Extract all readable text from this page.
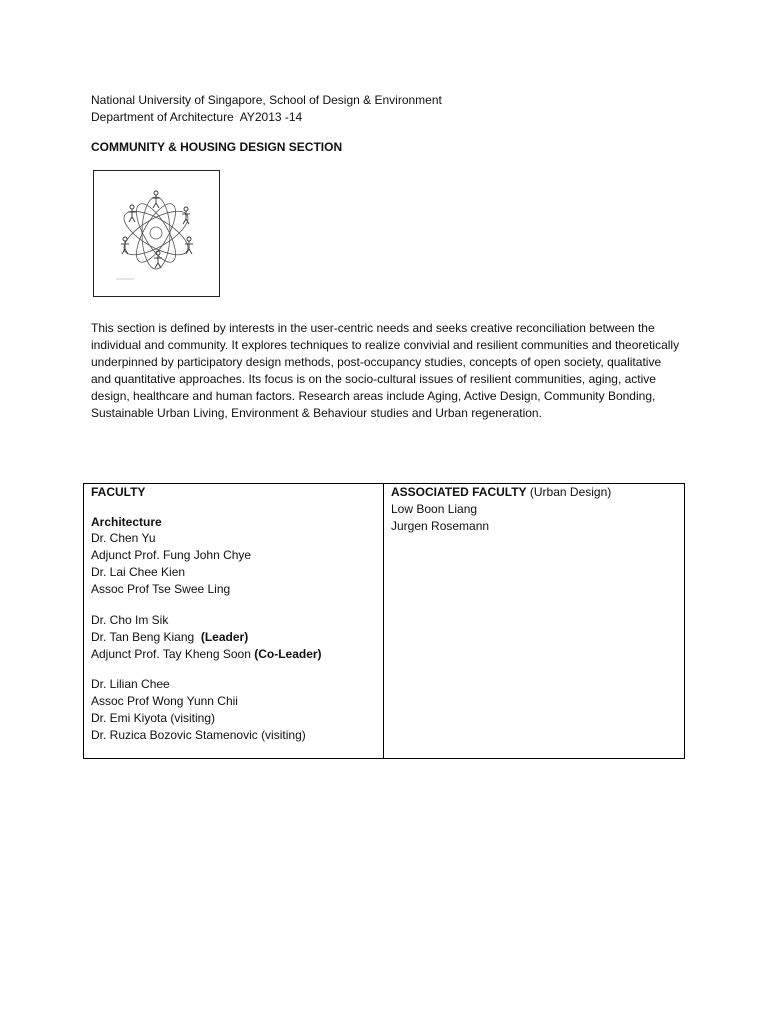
National University of Singapore, School of Design & Environment
Department of Architecture  AY2013 -14
COMMUNITY & HOUSING DESIGN SECTION
This section is defined by interests in the user-centric needs and seeks creative reconciliation between the individual and community. It explores techniques to realize convivial and resilient communities and theoretically underpinned by participatory design methods, post-occupancy studies, concepts of open society, qualitative and quantitative approaches. Its focus is on the socio-cultural issues of resilient communities, aging, active design, healthcare and human factors. Research areas include Aging, Active Design, Community Bonding, Sustainable Urban Living, Environment & Behaviour studies and Urban regeneration.
FACULTY
Architecture
Dr. Chen Yu
Adjunct Prof. Fung John Chye
Dr. Lai Chee Kien
Assoc Prof Tse Swee Ling
Dr. Cho Im Sik
Dr. Tan Beng Kiang  (Leader)
Adjunct Prof. Tay Kheng Soon (Co-Leader)
Dr. Lilian Chee
Assoc Prof Wong Yunn Chii
Dr. Emi Kiyota (visiting)
Dr. Ruzica Bozovic Stamenovic (visiting)
ASSOCIATED FACULTY (Urban Design)
Low Boon Liang
Jurgen Rosemann
